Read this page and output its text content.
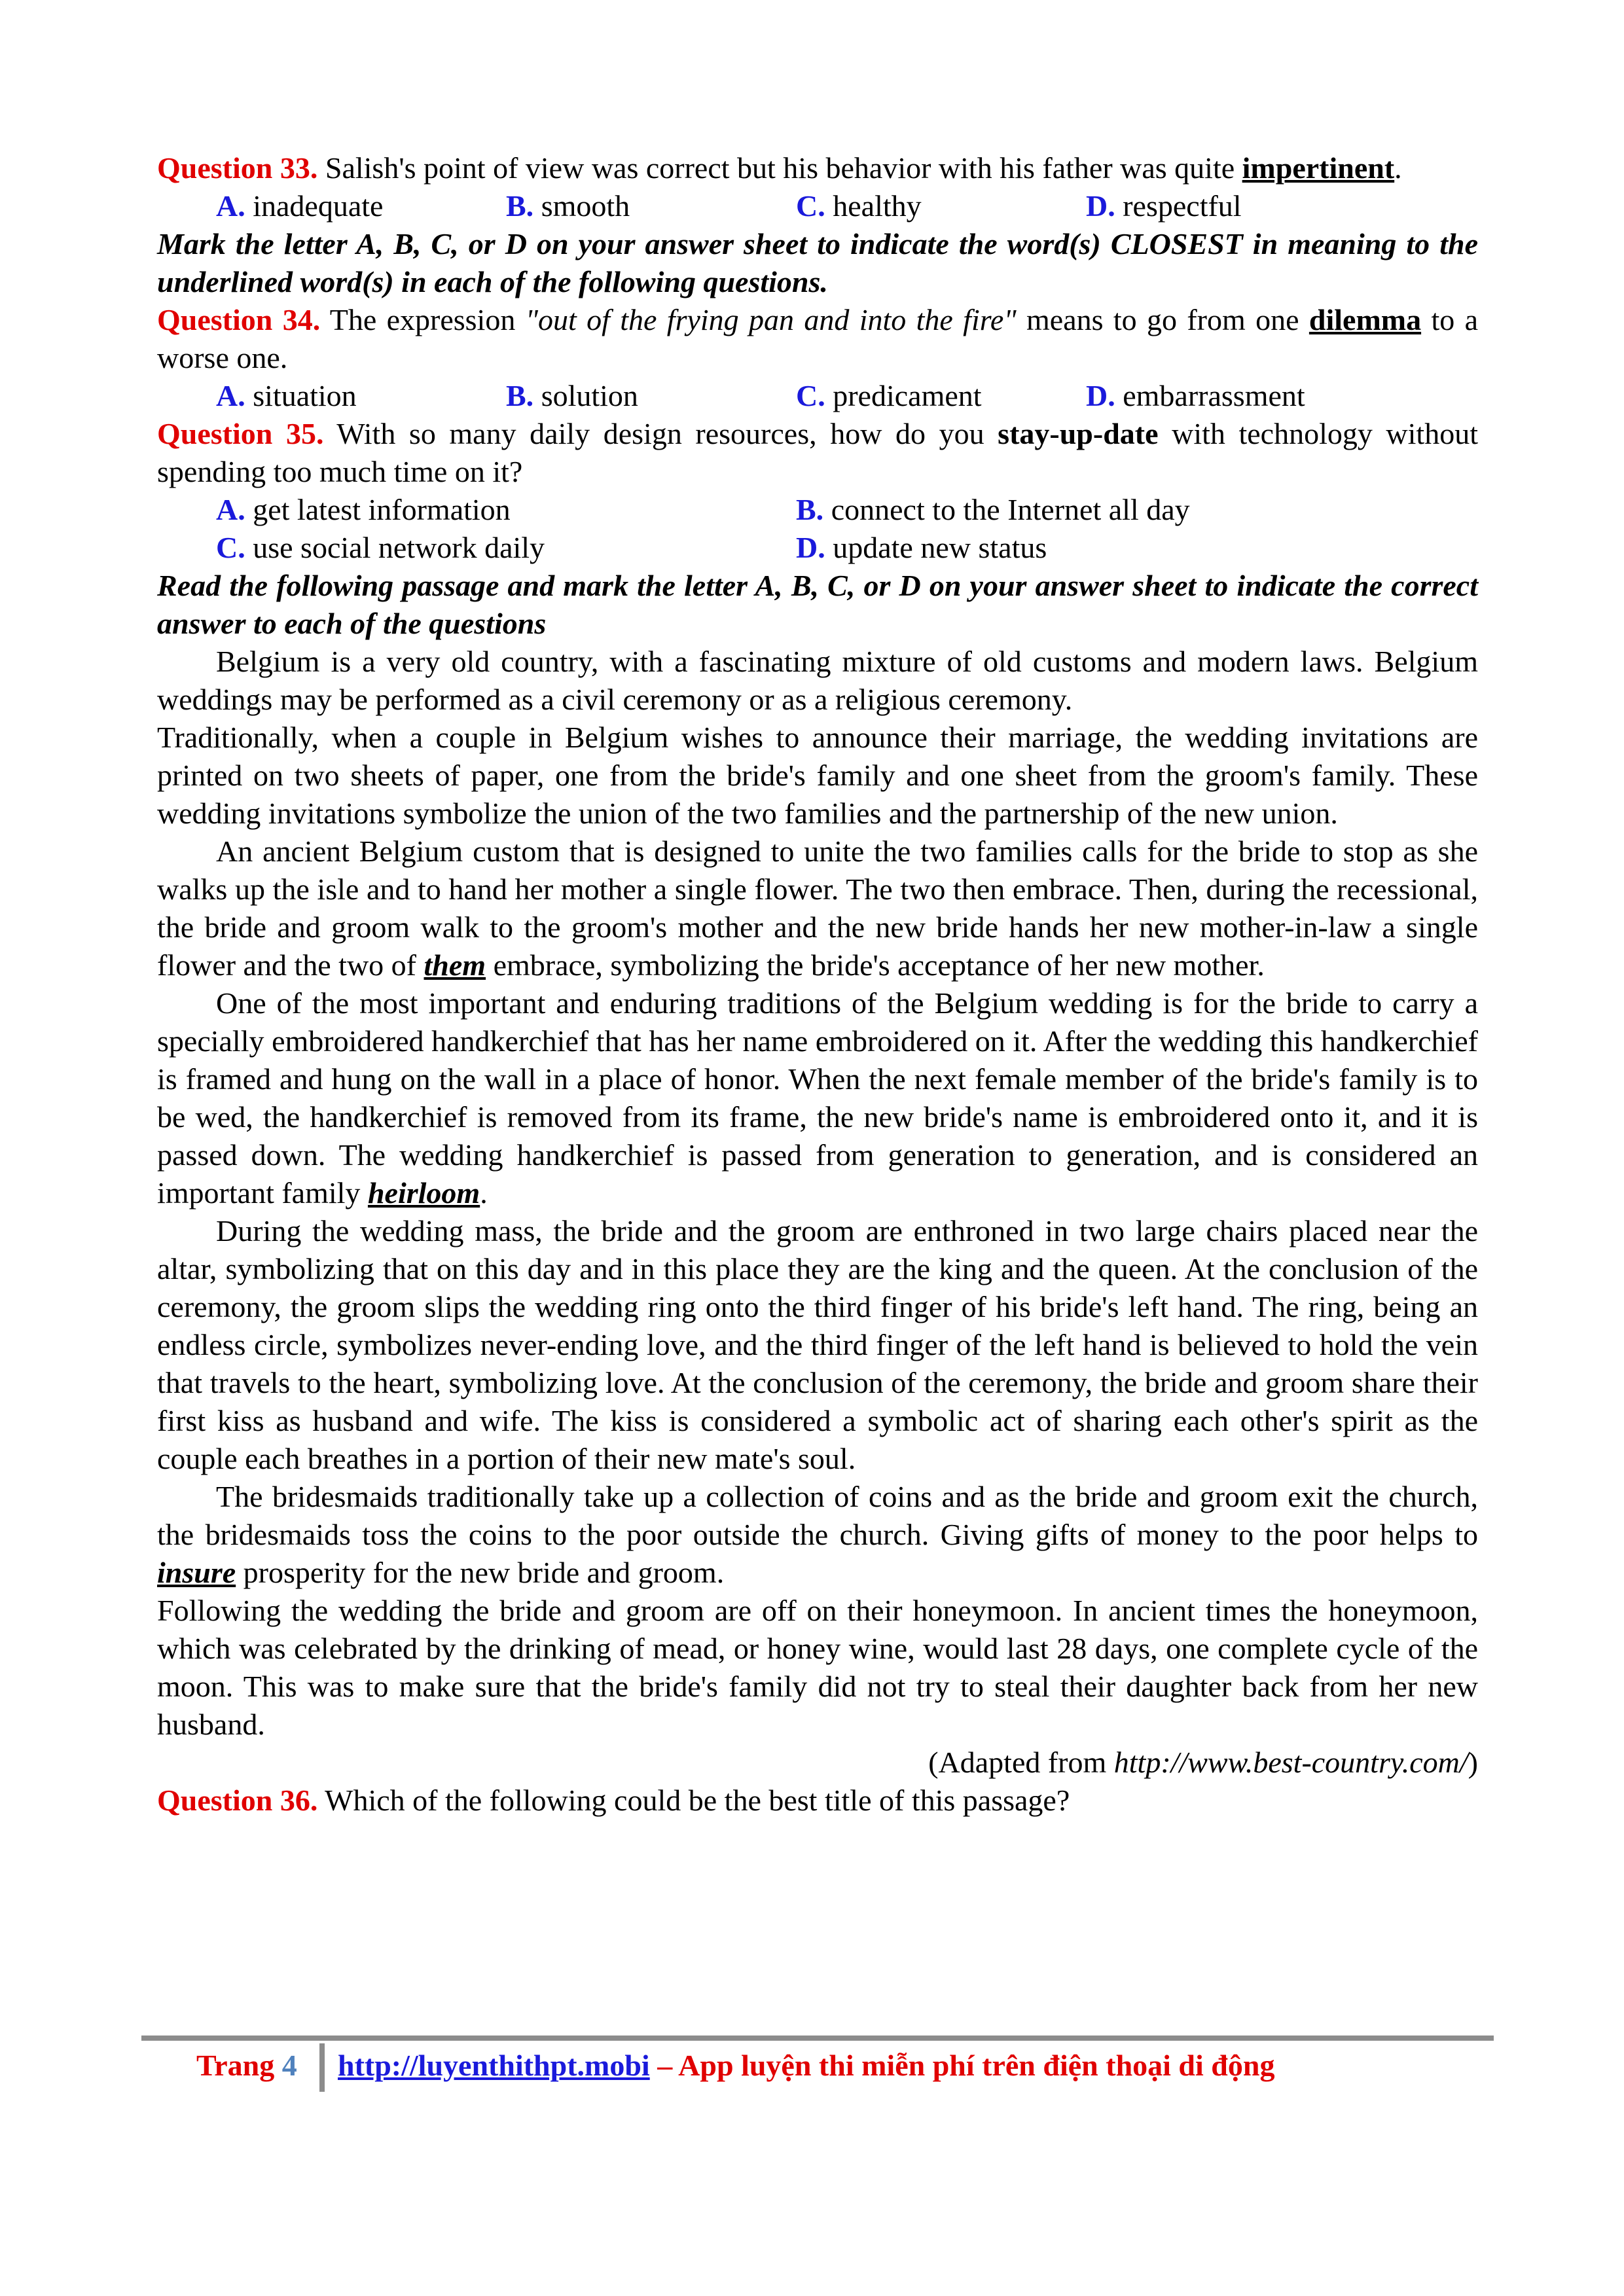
Question 33. Salish's point of view was correct but his behavior with his father was quite impertinent.

A. inadequate	B. smooth	C. healthy	D. respectful

Mark the letter A, B, C, or D on your answer sheet to indicate the word(s) CLOSEST in meaning to the underlined word(s) in each of the following questions.

Question 34. The expression "out of the frying pan and into the fire" means to go from one dilemma to a worse one.

A. situation	B. solution	C. predicament	D. embarrassment

Question 35. With so many daily design resources, how do you stay-up-date with technology without spending too much time on it?

A. get latest information	B. connect to the Internet all day
C. use social network daily	D. update new status

Read the following passage and mark the letter A, B, C, or D on your answer sheet to indicate the correct answer to each of the questions

Belgium is a very old country, with a fascinating mixture of old customs and modern laws. Belgium weddings may be performed as a civil ceremony or as a religious ceremony.

Traditionally, when a couple in Belgium wishes to announce their marriage, the wedding invitations are printed on two sheets of paper, one from the bride's family and one sheet from the groom's family. These wedding invitations symbolize the union of the two families and the partnership of the new union.

An ancient Belgium custom that is designed to unite the two families calls for the bride to stop as she walks up the isle and to hand her mother a single flower. The two then embrace. Then, during the recessional, the bride and groom walk to the groom's mother and the new bride hands her new mother-in-law a single flower and the two of them embrace, symbolizing the bride's acceptance of her new mother.

One of the most important and enduring traditions of the Belgium wedding is for the bride to carry a specially embroidered handkerchief that has her name embroidered on it. After the wedding this handkerchief is framed and hung on the wall in a place of honor. When the next female member of the bride's family is to be wed, the handkerchief is removed from its frame, the new bride's name is embroidered onto it, and it is passed down. The wedding handkerchief is passed from generation to generation, and is considered an important family heirloom.

During the wedding mass, the bride and the groom are enthroned in two large chairs placed near the altar, symbolizing that on this day and in this place they are the king and the queen. At the conclusion of the ceremony, the groom slips the wedding ring onto the third finger of his bride's left hand. The ring, being an endless circle, symbolizes never-ending love, and the third finger of the left hand is believed to hold the vein that travels to the heart, symbolizing love. At the conclusion of the ceremony, the bride and groom share their first kiss as husband and wife. The kiss is considered a symbolic act of sharing each other's spirit as the couple each breathes in a portion of their new mate's soul.

The bridesmaids traditionally take up a collection of coins and as the bride and groom exit the church, the bridesmaids toss the coins to the poor outside the church. Giving gifts of money to the poor helps to insure prosperity for the new bride and groom.

Following the wedding the bride and groom are off on their honeymoon. In ancient times the honeymoon, which was celebrated by the drinking of mead, or honey wine, would last 28 days, one complete cycle of the moon. This was to make sure that the bride's family did not try to steal their daughter back from her new husband.

(Adapted from http://www.best-country.com/)

Question 36. Which of the following could be the best title of this passage?

Trang 4 http://luyenthithpt.mobi – App luyện thi miễn phí trên điện thoại di động
